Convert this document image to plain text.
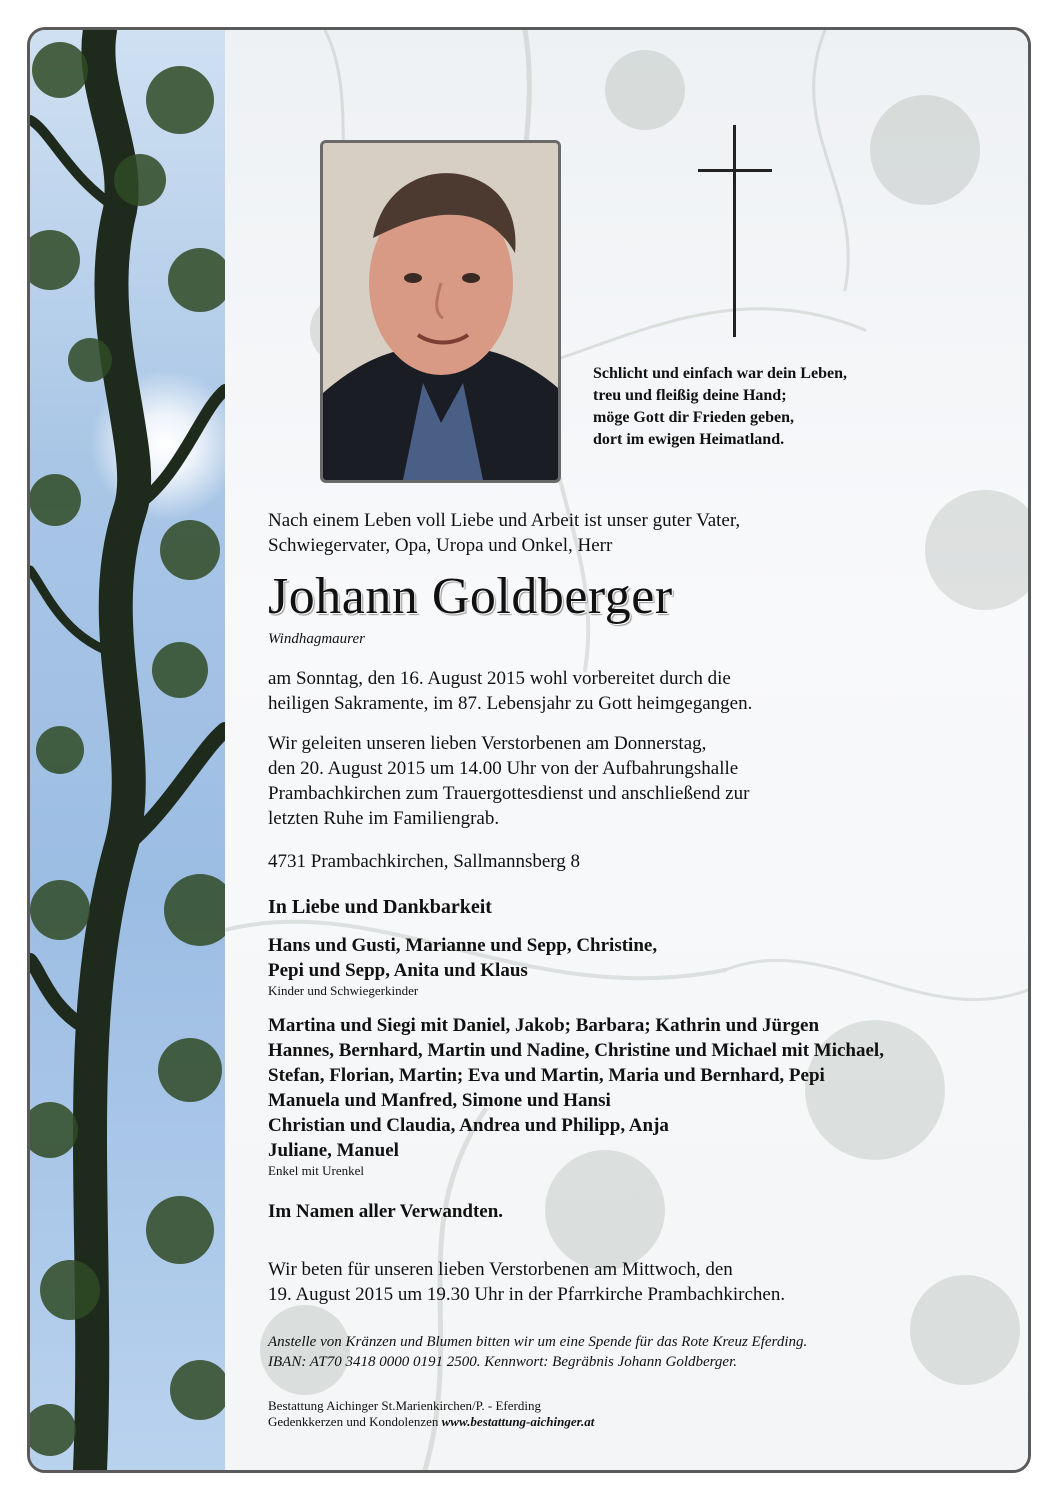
Schlicht und einfach war dein Leben,
treu und fleißig deine Hand;
möge Gott dir Frieden geben,
dort im ewigen Heimatland.

Nach einem Leben voll Liebe und Arbeit ist unser guter Vater,

Schwiegervater, Opa, Uropa und Onkel, Herr

Johann Goldberger
Windhagmaurer

am Sonntag, den 16. August 2015 wohl vorbereitet durch die

heiligen Sakramente, im 87. Lebensjahr zu Gott heimgegangen.

Wir geleiten unseren lieben Verstorbenen am Donnerstag,

den 20. August 2015 um 14.00 Uhr von der Aufbahrungshalle

Prambachkirchen zum Trauergottesdienst und anschließend zur

letzten Ruhe im Familiengrab.

4731 Prambachkirchen, Sallmannsberg 8

In Liebe und Dankbarkeit

Hans und Gusti, Marianne und Sepp, Christine,

Pepi und Sepp, Anita und Klaus

Kinder und Schwiegerkinder

Martina und Siegi mit Daniel, Jakob; Barbara; Kathrin und Jürgen

Hannes, Bernhard, Martin und Nadine, Christine und Michael mit Michael,

Stefan, Florian, Martin; Eva und Martin, Maria und Bernhard, Pepi

Manuela und Manfred, Simone und Hansi

Christian und Claudia, Andrea und Philipp, Anja

Juliane, Manuel

Enkel mit Urenkel

Im Namen aller Verwandten.

Wir beten für unseren lieben Verstorbenen am Mittwoch, den

19. August 2015 um 19.30 Uhr in der Pfarrkirche Prambachkirchen.

Anstelle von Kränzen und Blumen bitten wir um eine Spende für das Rote Kreuz Eferding.
IBAN: AT70 3418 0000 0191 2500. Kennwort: Begräbnis Johann Goldberger.
Bestattung Aichinger St.Marienkirchen/P. - Eferding
Gedenkkerzen und Kondolenzen www.bestattung-aichinger.at
